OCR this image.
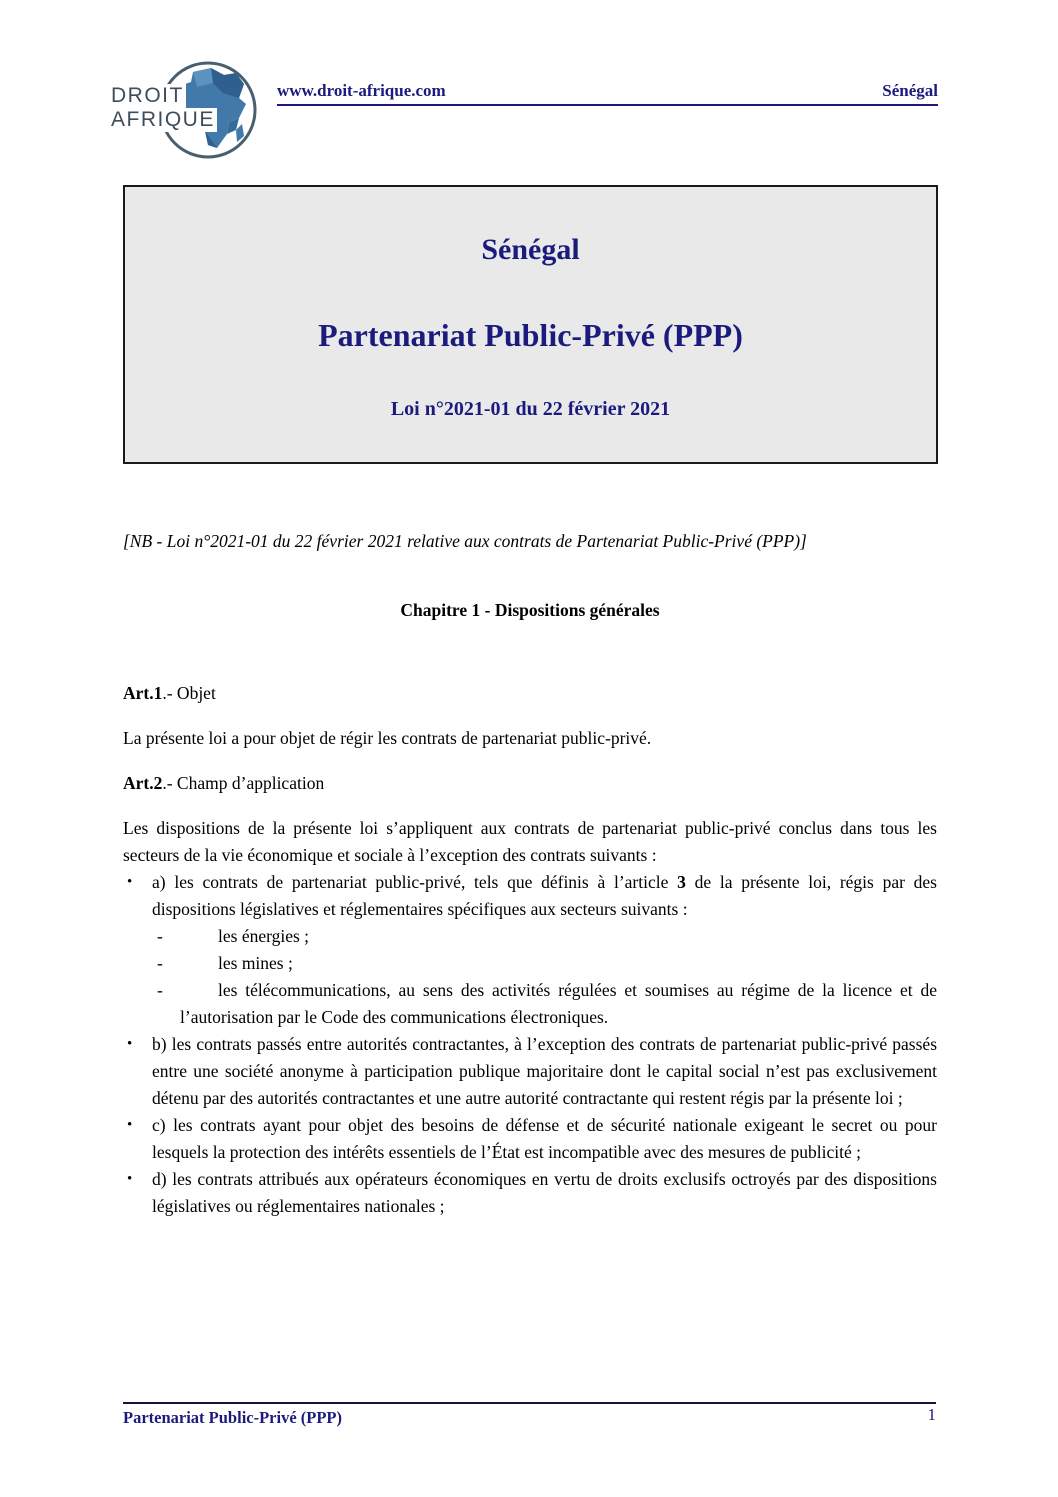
DROIT
AFRIQUE
www.droit-afrique.com	Sénégal
Sénégal
Partenariat Public-Privé (PPP)
Loi n°2021-01 du 22 février 2021

[NB - Loi n°2021-01 du 22 février 2021 relative aux contrats de Partenariat Public-Privé (PPP)]

Chapitre 1 - Dispositions générales

Art.1.- Objet

La présente loi a pour objet de régir les contrats de partenariat public-privé.

Art.2.- Champ d’application

Les dispositions de la présente loi s’appliquent aux contrats de partenariat public-privé conclus dans tous les secteurs de la vie économique et sociale à l’exception des contrats suivants :

• a) les contrats de partenariat public-privé, tels que définis à l’article 3 de la présente loi, régis par des dispositions législatives et réglementaires spécifiques aux secteurs suivants :
-	les énergies ;
-	les mines ;
-	les télécommunications, au sens des activités régulées et soumises au régime de la licence et de l’autorisation par le Code des communications électroniques.
• b) les contrats passés entre autorités contractantes, à l’exception des contrats de partenariat public-privé passés entre une société anonyme à participation publique majoritaire dont le capital social n’est pas exclusivement détenu par des autorités contractantes et une autre autorité contractante qui restent régis par la présente loi ;
• c) les contrats ayant pour objet des besoins de défense et de sécurité nationale exigeant le secret ou pour lesquels la protection des intérêts essentiels de l’État est incompatible avec des mesures de publicité ;
• d) les contrats attribués aux opérateurs économiques en vertu de droits exclusifs octroyés par des dispositions législatives ou réglementaires nationales ;
Partenariat Public-Privé (PPP)	1
